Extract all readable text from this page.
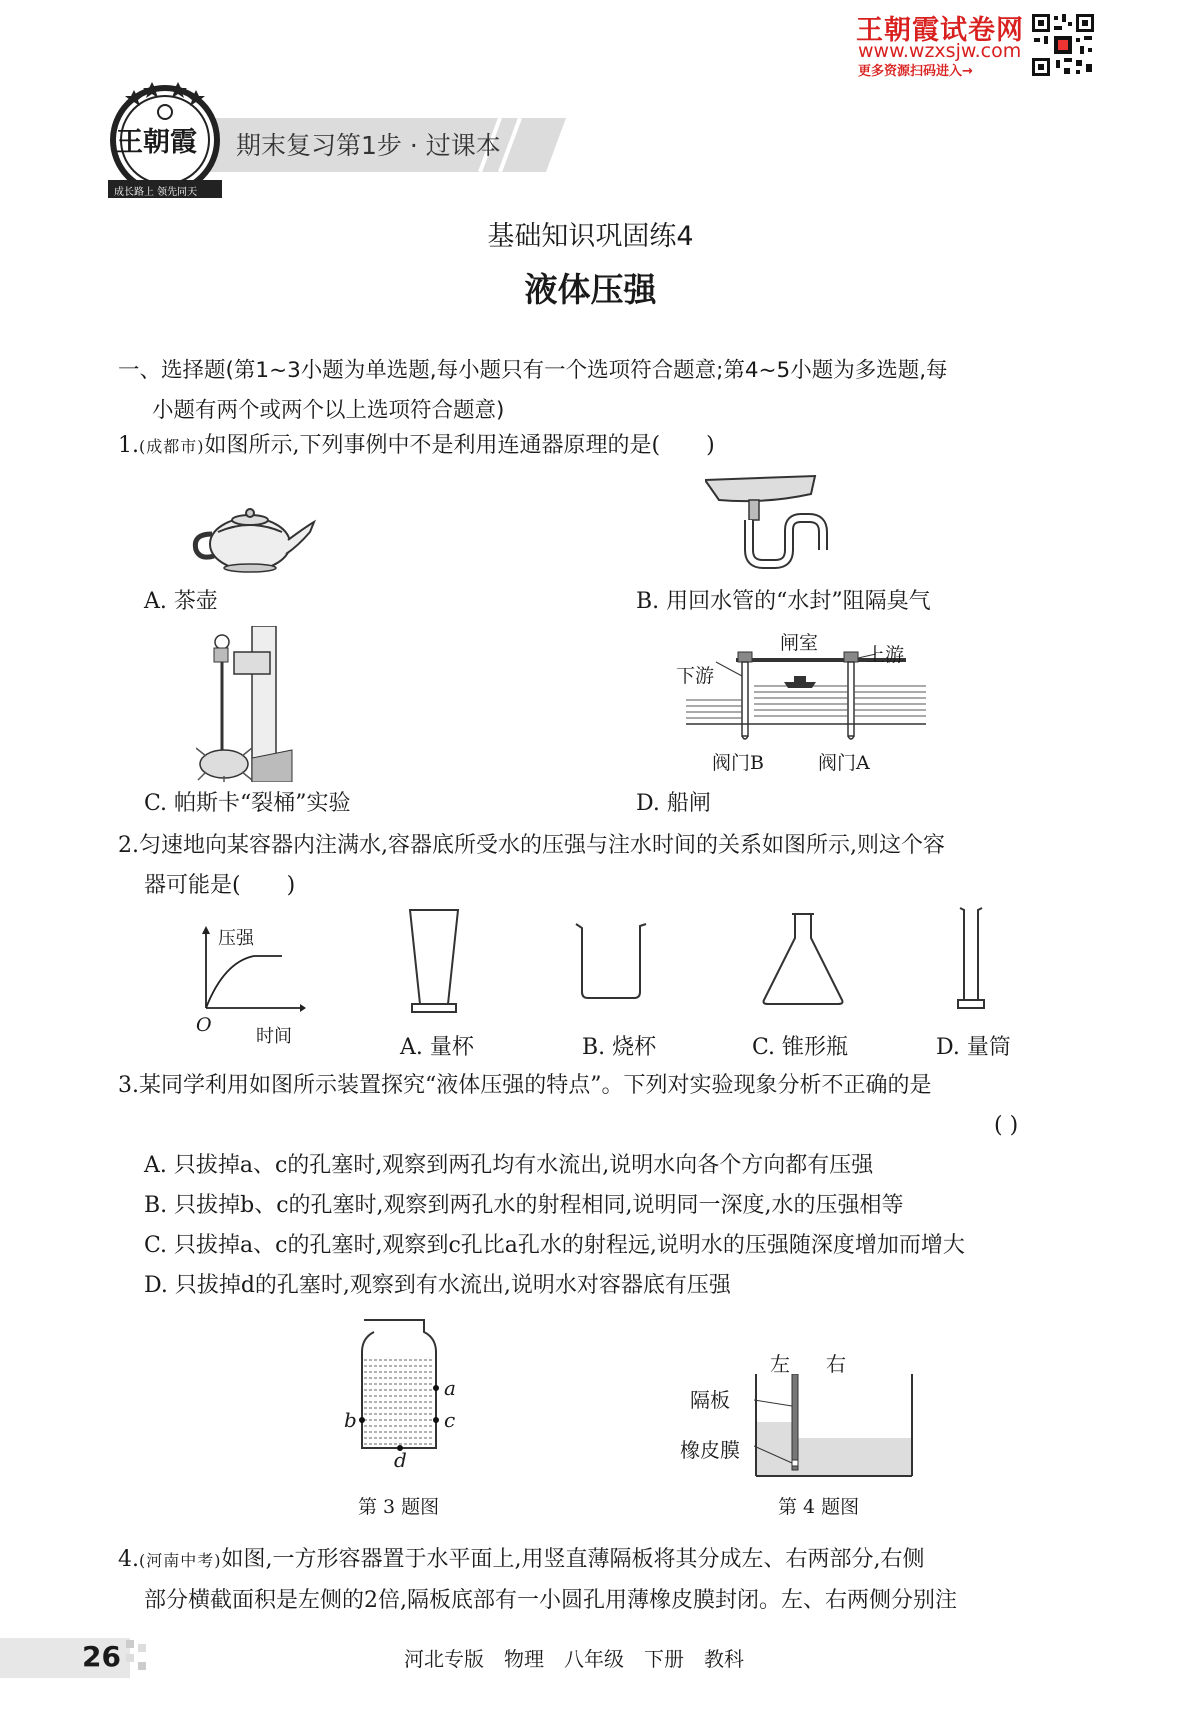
王朝霞试卷网
www.wzxsjw.com
更多资源扫码进入→
期末复习第1步 · 过课本
王朝霞
成长路上 领先同天
基础知识巩固练4
液体压强
一、选择题(第1~3小题为单选题,每小题只有一个选项符合题意;第4~5小题为多选题,每
小题有两个或两个以上选项符合题意)
1.(成都市)如图所示,下列事例中不是利用连通器原理的是( )
A. 茶壶	B. 用回水管的“水封”阻隔臭气
闸室
上游
下游
阀门B	阀门A
C. 帕斯卡“裂桶”实验	D. 船闸
2.匀速地向某容器内注满水,容器底所受水的压强与注水时间的关系如图所示,则这个容
器可能是( )
压强
O
时间	A. 量杯	B. 烧杯	C. 锥形瓶	D. 量筒
3.某同学利用如图所示装置探究“液体压强的特点”。下列对实验现象分析不正确的是
( )
A. 只拔掉a、c的孔塞时,观察到两孔均有水流出,说明水向各个方向都有压强
B. 只拔掉b、c的孔塞时,观察到两孔水的射程相同,说明同一深度,水的压强相等
C. 只拔掉a、c的孔塞时,观察到c孔比a孔水的射程远,说明水的压强随深度增加而增大
D. 只拔掉d的孔塞时,观察到有水流出,说明水对容器底有压强
a
b	c
d
第 3 题图
左 右
隔板
橡皮膜
第 4 题图
4.(河南中考)如图,一方形容器置于水平面上,用竖直薄隔板将其分成左、右两部分,右侧
部分横截面积是左侧的2倍,隔板底部有一小圆孔用薄橡皮膜封闭。左、右两侧分别注
26	河北专版　物理　八年级　下册　教科
